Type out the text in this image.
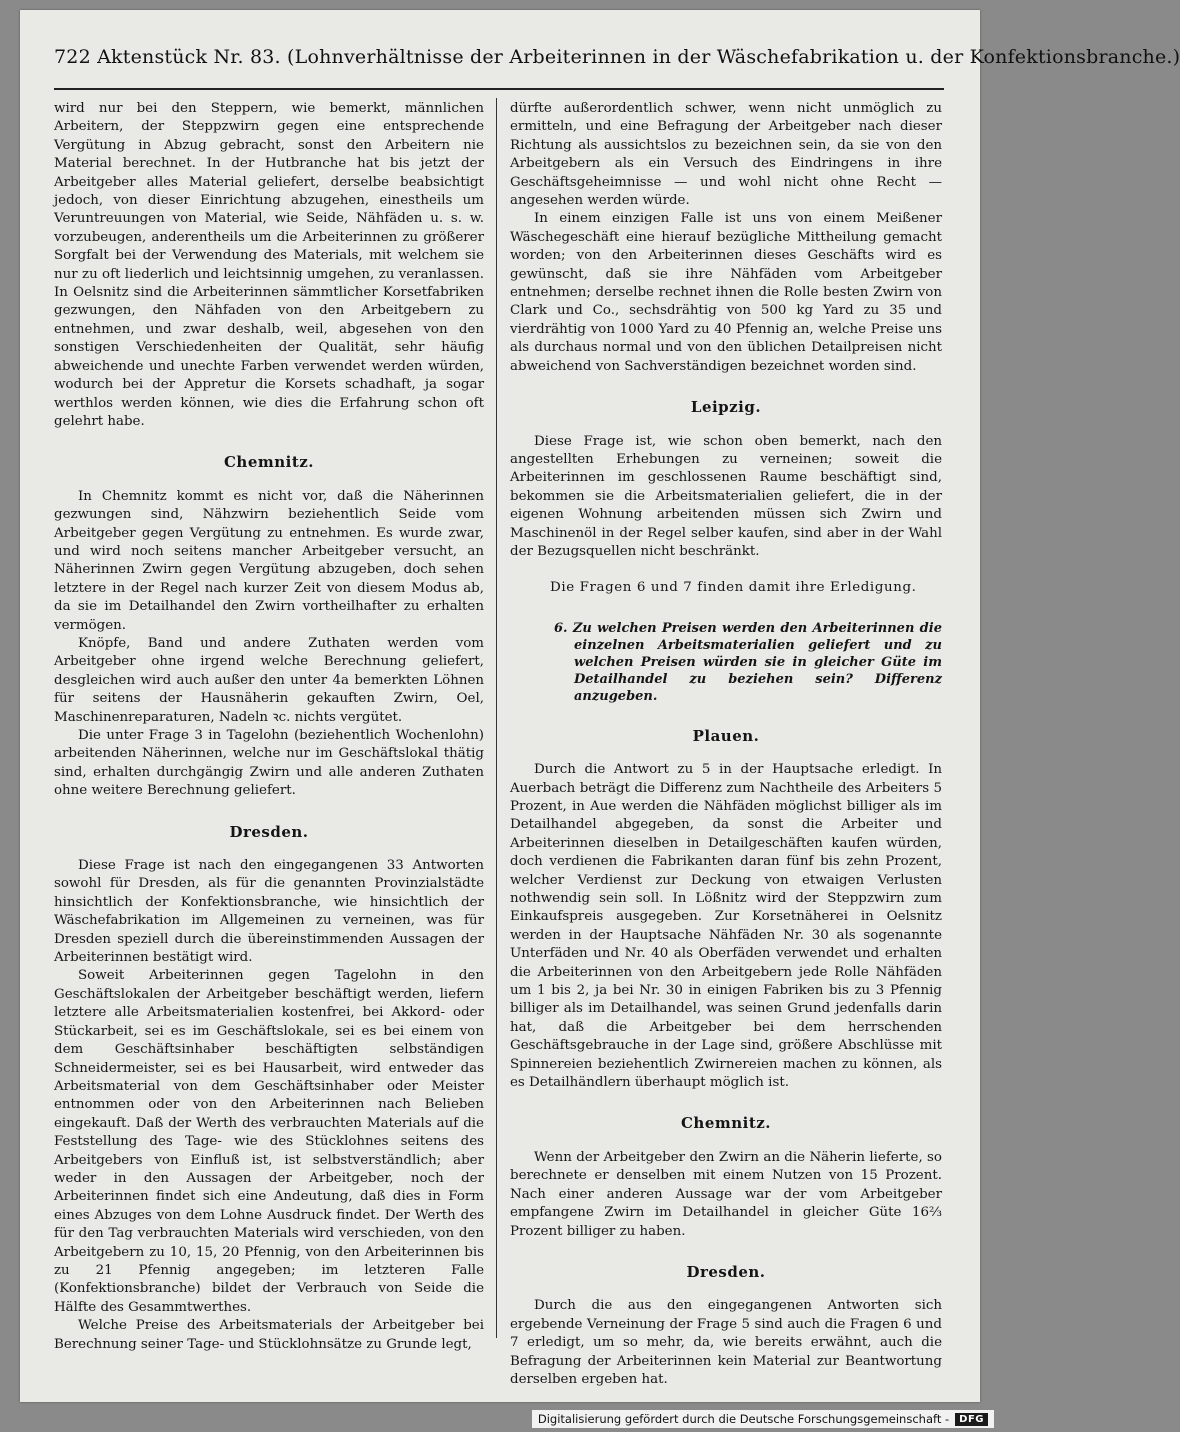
722 Aktenstück Nr. 83. (Lohnverhältnisse der Arbeiterinnen in der Wäschefabrikation u. der Konfektionsbranche.)

wird nur bei den Steppern, wie bemerkt, männlichen Arbeitern, der Steppzwirn gegen eine entsprechende Vergütung in Abzug gebracht, sonst den Arbeitern nie Material berechnet. In der Hutbranche hat bis jetzt der Arbeitgeber alles Material geliefert, derselbe beabsichtigt jedoch, von dieser Einrichtung abzugehen, einestheils um Veruntreuungen von Material, wie Seide, Nähfäden u. s. w. vorzubeugen, anderentheils um die Arbeiterinnen zu größerer Sorgfalt bei der Verwendung des Materials, mit welchem sie nur zu oft liederlich und leichtsinnig umgehen, zu veranlassen. In Oelsnitz sind die Arbeiterinnen sämmtlicher Korsetfabriken gezwungen, den Nähfaden von den Arbeitgebern zu entnehmen, und zwar deshalb, weil, abgesehen von den sonstigen Verschiedenheiten der Qualität, sehr häufig abweichende und unechte Farben verwendet werden würden, wodurch bei der Appretur die Korsets schadhaft, ja sogar werthlos werden können, wie dies die Erfahrung schon oft gelehrt habe.

Chemnitz.

In Chemnitz kommt es nicht vor, daß die Näherinnen gezwungen sind, Nähzwirn beziehentlich Seide vom Arbeitgeber gegen Vergütung zu entnehmen. Es wurde zwar, und wird noch seitens mancher Arbeitgeber versucht, an Näherinnen Zwirn gegen Vergütung abzugeben, doch sehen letztere in der Regel nach kurzer Zeit von diesem Modus ab, da sie im Detailhandel den Zwirn vortheilhafter zu erhalten vermögen.

Knöpfe, Band und andere Zuthaten werden vom Arbeitgeber ohne irgend welche Berechnung geliefert, desgleichen wird auch außer den unter 4a bemerkten Löhnen für seitens der Hausnäherin gekauften Zwirn, Oel, Maschinenreparaturen, Nadeln ꝛc. nichts vergütet.

Die unter Frage 3 in Tagelohn (beziehentlich Wochenlohn) arbeitenden Näherinnen, welche nur im Geschäftslokal thätig sind, erhalten durchgängig Zwirn und alle anderen Zuthaten ohne weitere Berechnung geliefert.

Dresden.

Diese Frage ist nach den eingegangenen 33 Antworten sowohl für Dresden, als für die genannten Provinzialstädte hinsichtlich der Konfektionsbranche, wie hinsichtlich der Wäschefabrikation im Allgemeinen zu verneinen, was für Dresden speziell durch die übereinstimmenden Aussagen der Arbeiterinnen bestätigt wird.

Soweit Arbeiterinnen gegen Tagelohn in den Geschäftslokalen der Arbeitgeber beschäftigt werden, liefern letztere alle Arbeitsmaterialien kostenfrei, bei Akkord- oder Stückarbeit, sei es im Geschäftslokale, sei es bei einem von dem Geschäftsinhaber beschäftigten selbständigen Schneidermeister, sei es bei Hausarbeit, wird entweder das Arbeitsmaterial von dem Geschäftsinhaber oder Meister entnommen oder von den Arbeiterinnen nach Belieben eingekauft. Daß der Werth des verbrauchten Materials auf die Feststellung des Tage- wie des Stücklohnes seitens des Arbeitgebers von Einfluß ist, ist selbstverständlich; aber weder in den Aussagen der Arbeitgeber, noch der Arbeiterinnen findet sich eine Andeutung, daß dies in Form eines Abzuges von dem Lohne Ausdruck findet. Der Werth des für den Tag verbrauchten Materials wird verschieden, von den Arbeitgebern zu 10, 15, 20 Pfennig, von den Arbeiterinnen bis zu 21 Pfennig angegeben; im letzteren Falle (Konfektionsbranche) bildet der Verbrauch von Seide die Hälfte des Gesammtwerthes.

Welche Preise des Arbeitsmaterials der Arbeitgeber bei Berechnung seiner Tage- und Stücklohnsätze zu Grunde legt,

dürfte außerordentlich schwer, wenn nicht unmöglich zu ermitteln, und eine Befragung der Arbeitgeber nach dieser Richtung als aussichtslos zu bezeichnen sein, da sie von den Arbeitgebern als ein Versuch des Eindringens in ihre Geschäftsgeheimnisse — und wohl nicht ohne Recht — angesehen werden würde.

In einem einzigen Falle ist uns von einem Meißener Wäschegeschäft eine hierauf bezügliche Mittheilung gemacht worden; von den Arbeiterinnen dieses Geschäfts wird es gewünscht, daß sie ihre Nähfäden vom Arbeitgeber entnehmen; derselbe rechnet ihnen die Rolle besten Zwirn von Clark und Co., sechsdrähtig von 500 kg Yard zu 35 und vierdrähtig von 1000 Yard zu 40 Pfennig an, welche Preise uns als durchaus normal und von den üblichen Detailpreisen nicht abweichend von Sachverständigen bezeichnet worden sind.

Leipzig.

Diese Frage ist, wie schon oben bemerkt, nach den angestellten Erhebungen zu verneinen; soweit die Arbeiterinnen im geschlossenen Raume beschäftigt sind, bekommen sie die Arbeitsmaterialien geliefert, die in der eigenen Wohnung arbeitenden müssen sich Zwirn und Maschinenöl in der Regel selber kaufen, sind aber in der Wahl der Bezugsquellen nicht beschränkt.

Die Fragen 6 und 7 finden damit ihre Erledigung.

6. Zu welchen Preisen werden den Arbeiterinnen die einzelnen Arbeitsmaterialien geliefert und zu welchen Preisen würden sie in gleicher Güte im Detailhandel zu beziehen sein? Differenz anzugeben.

Plauen.

Durch die Antwort zu 5 in der Hauptsache erledigt. In Auerbach beträgt die Differenz zum Nachtheile des Arbeiters 5 Prozent, in Aue werden die Nähfäden möglichst billiger als im Detailhandel abgegeben, da sonst die Arbeiter und Arbeiterinnen dieselben in Detailgeschäften kaufen würden, doch verdienen die Fabrikanten daran fünf bis zehn Prozent, welcher Verdienst zur Deckung von etwaigen Verlusten nothwendig sein soll. In Lößnitz wird der Steppzwirn zum Einkaufspreis ausgegeben. Zur Korsetnäherei in Oelsnitz werden in der Hauptsache Nähfäden Nr. 30 als sogenannte Unterfäden und Nr. 40 als Oberfäden verwendet und erhalten die Arbeiterinnen von den Arbeitgebern jede Rolle Nähfäden um 1 bis 2, ja bei Nr. 30 in einigen Fabriken bis zu 3 Pfennig billiger als im Detailhandel, was seinen Grund jedenfalls darin hat, daß die Arbeitgeber bei dem herrschenden Geschäftsgebrauche in der Lage sind, größere Abschlüsse mit Spinnereien beziehentlich Zwirnereien machen zu können, als es Detailhändlern überhaupt möglich ist.

Chemnitz.

Wenn der Arbeitgeber den Zwirn an die Näherin lieferte, so berechnete er denselben mit einem Nutzen von 15 Prozent. Nach einer anderen Aussage war der vom Arbeitgeber empfangene Zwirn im Detailhandel in gleicher Güte 16⅔ Prozent billiger zu haben.

Dresden.

Durch die aus den eingegangenen Antworten sich ergebende Verneinung der Frage 5 sind auch die Fragen 6 und 7 erledigt, um so mehr, da, wie bereits erwähnt, auch die Befragung der Arbeiterinnen kein Material zur Beantwortung derselben ergeben hat.

Digitalisierung gefördert durch die Deutsche Forschungsgemeinschaft -	DFG
